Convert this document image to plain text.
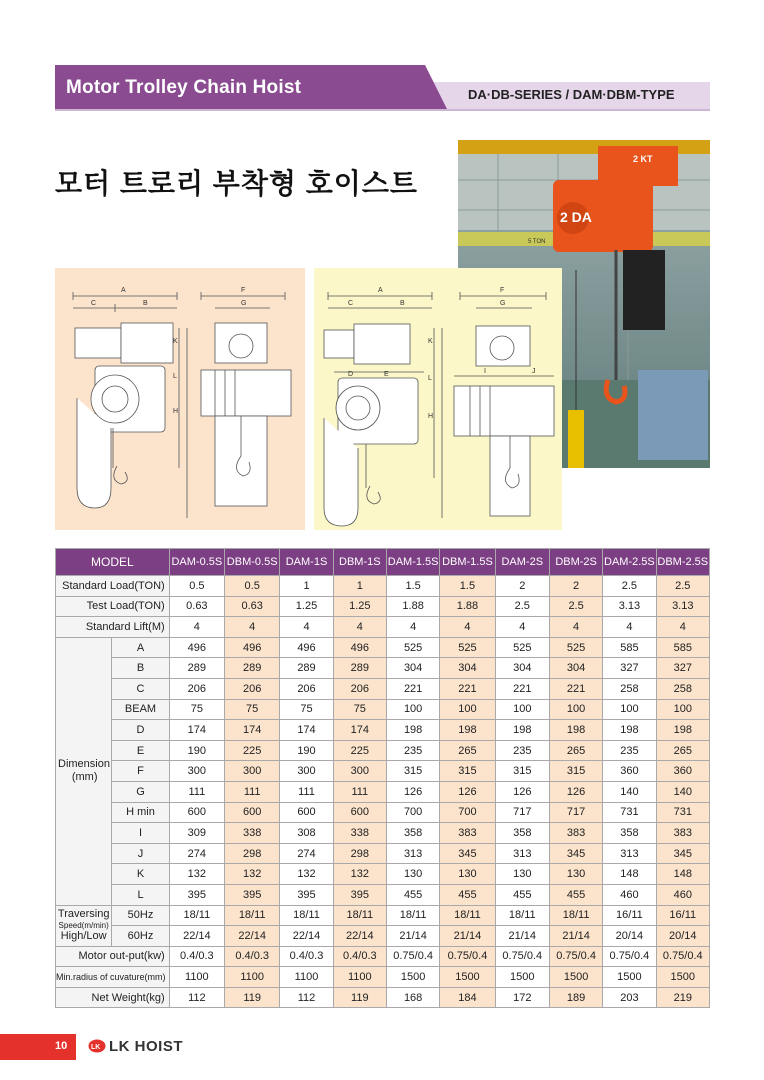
Motor Trolley Chain Hoist	DA·DB-SERIES / DAM·DBM-TYPE
모터 트로리 부착형 호이스트
5 TON
2 KT
2 DA
A
C	B
F
G
K
L
H
A
C	B
F
G
K
L
H
D	E	I	J
MODEL		DAM-0.5S	DBM-0.5S	DAM-1S	DBM-1S	DAM-1.5S	DBM-1.5S	DAM-2S	DBM-2S	DAM-2.5S	DBM-2.5S
Standard Load(TON)		0.5	0.5	1	1	1.5	1.5	2	2	2.5	2.5
Test Load(TON)		0.63	0.63	1.25	1.25	1.88	1.88	2.5	2.5	3.13	3.13
Standard Lift(M)		4	4	4	4	4	4	4	4	4	4

Dimension
(mm)	A	496	496	496	496	525	525	525	525	585	585
	B	289	289	289	289	304	304	304	304	327	327
	C	206	206	206	206	221	221	221	221	258	258
	BEAM	75	75	75	75	100	100	100	100	100	100
	D	174	174	174	174	198	198	198	198	198	198
	E	190	225	190	225	235	265	235	265	235	265
	F	300	300	300	300	315	315	315	315	360	360
	G	111	111	111	111	126	126	126	126	140	140
	H min	600	600	600	600	700	700	717	717	731	731
	I	309	338	308	338	358	383	358	383	358	383
	J	274	298	274	298	313	345	313	345	313	345
	K	132	132	132	132	130	130	130	130	148	148
	L	395	395	395	395	455	455	455	455	460	460

Traversing
Speed(m/min)
High/Low	50Hz	18/11	18/11	18/11	18/11	18/11	18/11	18/11	18/11	16/11	16/11
	60Hz	22/14	22/14	22/14	22/14	21/14	21/14	21/14	21/14	20/14	20/14
Motor out-put(kw)		0.4/0.3	0.4/0.3	0.4/0.3	0.4/0.3	0.75/0.4	0.75/0.4	0.75/0.4	0.75/0.4	0.75/0.4	0.75/0.4
Min.radius of cuvature(mm)		1100	1100	1100	1100	1500	1500	1500	1500	1500	1500
Net Weight(kg)		112	119	112	119	168	184	172	189	203	219
10	LK LK HOIST
